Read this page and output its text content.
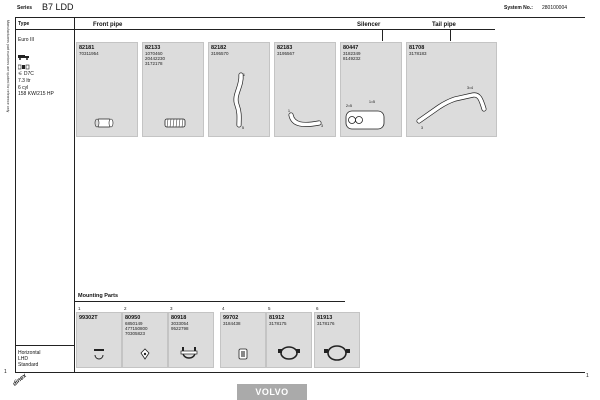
Series B7 LDD	System No.: 280100004
Manufacturers part numbers are quoted for reference only Type
Euro III
⚟ D7C
7.3 ltr
6 cyl
158 KW/215 HP
Horizontal
LHD
Standard
Front pipe	Silencer	Tail pipe
82181
70311954
82133
1070460
20442230
3172178
82182
3195570
1
5
82183
3195567
1
3
80447
3182349
8149232
2=5
1=5
81708
3178183
3=4
3
Mounting Parts
1
99302T
2
80950
6850149
477150800
70305823
3
80918
3033054
9522798
4
99702
3184438
5
81912
3178175
6
81913
3178176
1
1
dinex
VOLVO
